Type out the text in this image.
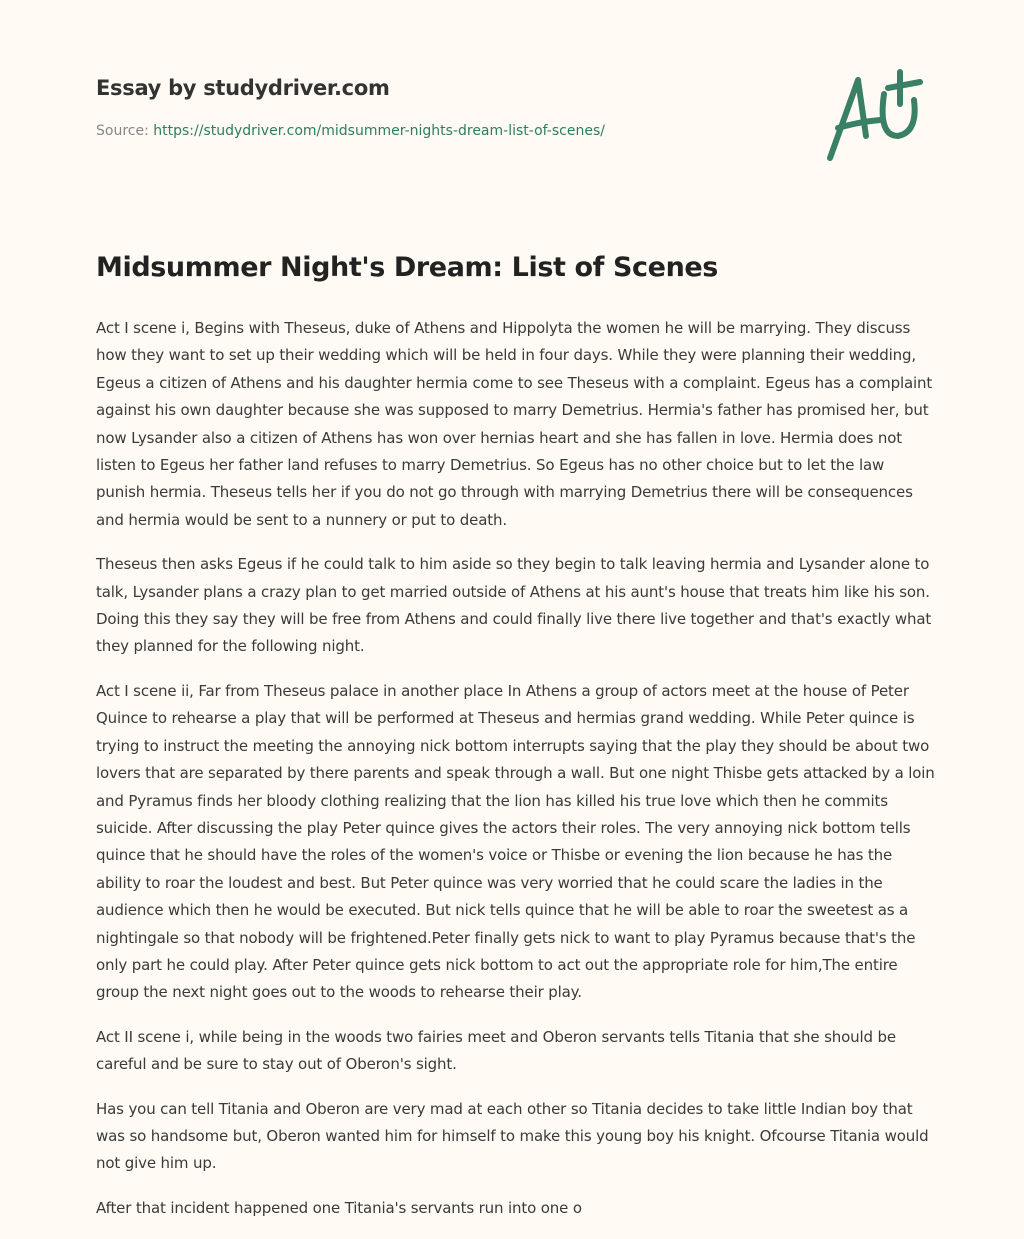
Essay by studydriver.com
Source: https://studydriver.com/midsummer-nights-dream-list-of-scenes/
Midsummer Night's Dream: List of Scenes

Act I scene i, Begins with Theseus, duke of Athens and Hippolyta the women he will be marrying. They discuss how they want to set up their wedding which will be held in four days. While they were planning their wedding, Egeus a citizen of Athens and his daughter hermia come to see Theseus with a complaint. Egeus has a complaint against his own daughter because she was supposed to marry Demetrius. Hermia's father has promised her, but now Lysander also a citizen of Athens has won over hernias heart and she has fallen in love. Hermia does not listen to Egeus her father land refuses to marry Demetrius. So Egeus has no other choice but to let the law punish hermia. Theseus tells her if you do not go through with marrying Demetrius there will be consequences and hermia would be sent to a nunnery or put to death.

Theseus then asks Egeus if he could talk to him aside so they begin to talk leaving hermia and Lysander alone to talk, Lysander plans a crazy plan to get married outside of Athens at his aunt's house that treats him like his son. Doing this they say they will be free from Athens and could finally live there live together and that's exactly what they planned for the following night.

Act I scene ii, Far from Theseus palace in another place In Athens a group of actors meet at the house of Peter Quince to rehearse a play that will be performed at Theseus and hermias grand wedding. While Peter quince is trying to instruct the meeting the annoying nick bottom interrupts saying that the play they should be about two lovers that are separated by there parents and speak through a wall. But one night Thisbe gets attacked by a loin and Pyramus finds her bloody clothing realizing that the lion has killed his true love which then he commits suicide. After discussing the play Peter quince gives the actors their roles. The very annoying nick bottom tells quince that he should have the roles of the women's voice or Thisbe or evening the lion because he has the ability to roar the loudest and best. But Peter quince was very worried that he could scare the ladies in the audience which then he would be executed. But nick tells quince that he will be able to roar the sweetest as a nightingale so that nobody will be frightened.Peter finally gets nick to want to play Pyramus because that's the only part he could play. After Peter quince gets nick bottom to act out the appropriate role for him,The entire group the next night goes out to the woods to rehearse their play.

Act II scene i, while being in the woods two fairies meet and Oberon servants tells Titania that she should be careful and be sure to stay out of Oberon's sight.

Has you can tell Titania and Oberon are very mad at each other so Titania decides to take little Indian boy that was so handsome but, Oberon wanted him for himself to make this young boy his knight. Ofcourse Titania would not give him up.

After that incident happened one Titania's servants run into one o
